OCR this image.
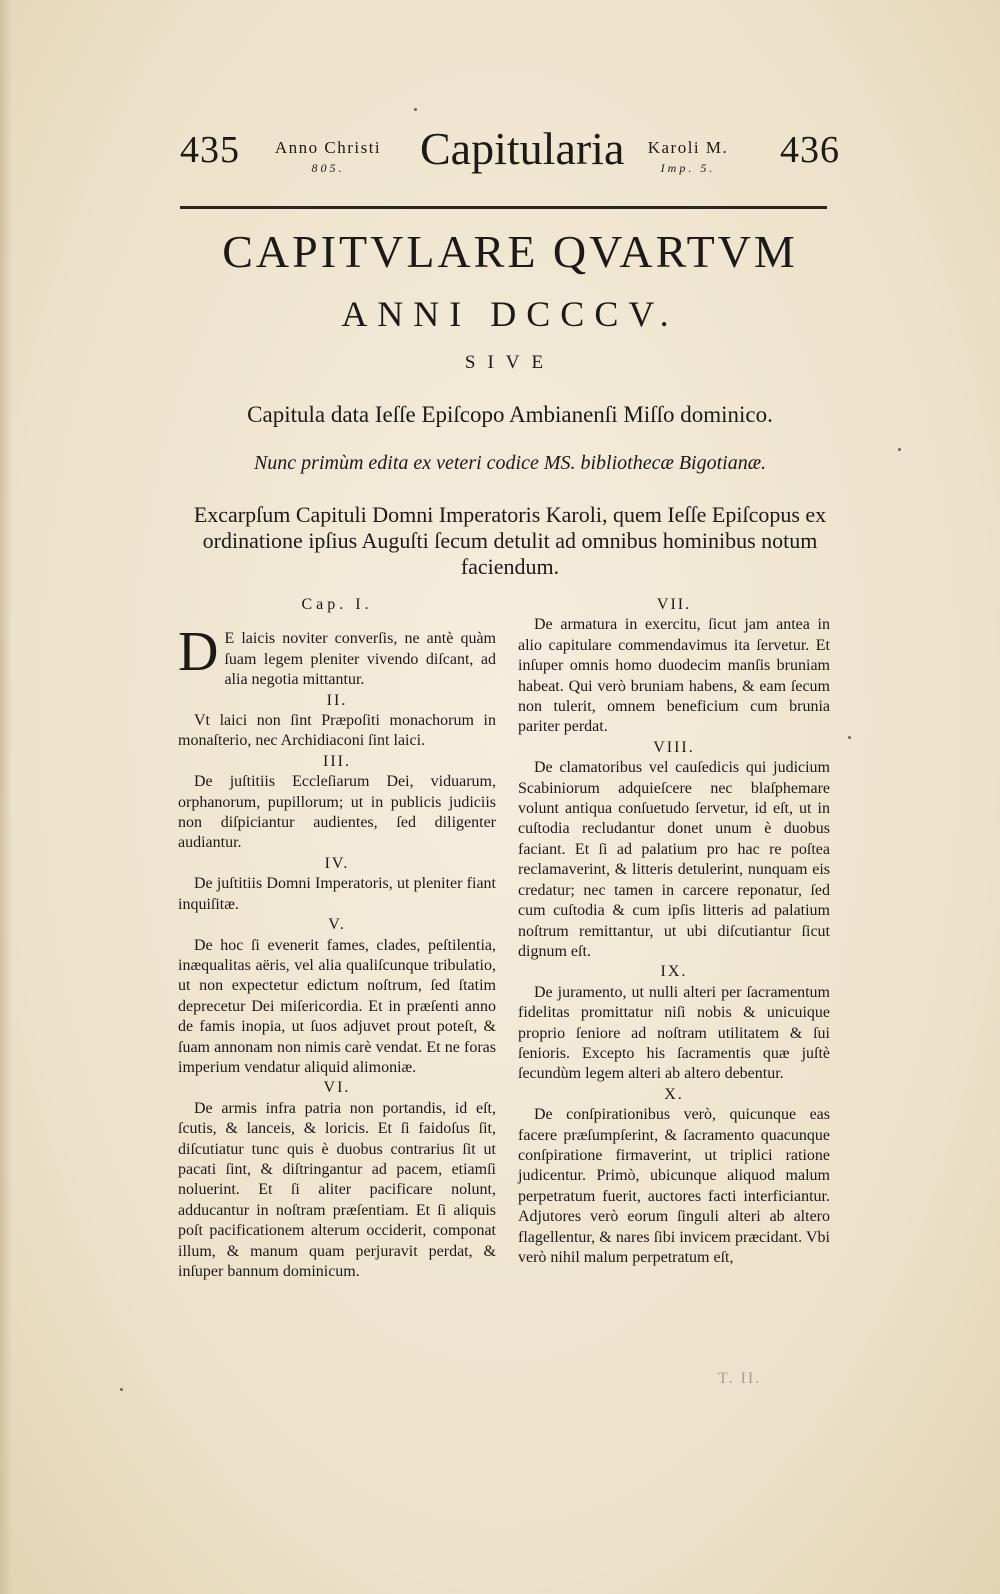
435	Anno Christi
805.	Capitularia	Karoli M.
Imp. 5.	436
CAPITVLARE QVARTVM
ANNI DCCCV.
SIVE
Capitula data Ieſſe Epiſcopo Ambianenſi Miſſo dominico.
Nunc primùm edita ex veteri codice MS. bibliothecæ Bigotianæ.
Excarpſum Capituli Domni Imperatoris Karoli, quem Ieſſe Epiſcopus ex ordinatione ipſius Auguſti ſecum detulit ad omnibus hominibus notum faciendum.

Cap. I.

D E laicis noviter converſis, ne antè quàm ſuam legem pleniter vivendo diſcant, ad alia negotia mittantur.

II.

Vt laici non ſint Præpoſiti monachorum in monaſterio, nec Archidiaconi ſint laici.

III.

De juſtitiis Eccleſiarum Dei, viduarum, orphanorum, pupillorum; ut in publicis judiciis non diſpiciantur audientes, ſed diligenter audiantur.

IV.

De juſtitiis Domni Imperatoris, ut pleniter fiant inquiſitæ.

V.

De hoc ſi evenerit fames, clades, peſtilentia, inæqualitas aëris, vel alia qualiſcunque tribulatio, ut non expectetur edictum noſtrum, ſed ſtatim deprecetur Dei miſericordia. Et in præſenti anno de famis inopia, ut ſuos adjuvet prout poteſt, & ſuam annonam non nimis carè vendat. Et ne foras imperium vendatur aliquid alimoniæ.

VI.

De armis infra patria non portandis, id eſt, ſcutis, & lanceis, & loricis. Et ſi faidoſus ſit, diſcutiatur tunc quis è duobus contrarius ſit ut pacati ſint, & diſtringantur ad pacem, etiamſi noluerint. Et ſi aliter pacificare nolunt, adducantur in noſtram præſentiam. Et ſi aliquis poſt pacificationem alterum occiderit, componat illum, & manum quam perjuravit perdat, & inſuper bannum dominicum.

VII.

De armatura in exercitu, ſicut jam antea in alio capitulare commendavimus ita ſervetur. Et inſuper omnis homo duodecim manſis bruniam habeat. Qui verò bruniam habens, & eam ſecum non tulerit, omnem beneficium cum brunia pariter perdat.

VIII.

De clamatoribus vel cauſedicis qui judicium Scabiniorum adquieſcere nec blaſphemare volunt antiqua conſuetudo ſervetur, id eſt, ut in cuſtodia recludantur donet unum è duobus faciant. Et ſi ad palatium pro hac re poſtea reclamaverint, & litteris detulerint, nunquam eis credatur; nec tamen in carcere reponatur, ſed cum cuſtodia & cum ipſis litteris ad palatium noſtrum remittantur, ut ubi diſcutiantur ſicut dignum eſt.

IX.

De juramento, ut nulli alteri per ſacramentum fidelitas promittatur niſi nobis & unicuique proprio ſeniore ad noſtram utilitatem & ſui ſenioris. Excepto his ſacramentis quæ juſtè ſecundùm legem alteri ab altero debentur.

X.

De conſpirationibus verò, quicunque eas facere præſumpſerint, & ſacramento quacunque conſpiratione firmaverint, ut triplici ratione judicentur. Primò, ubicunque aliquod malum perpetratum fuerit, auctores facti interficiantur. Adjutores verò eorum ſinguli alteri ab altero flagellentur, & nares ſibi invicem præcidant. Vbi verò nihil malum perpetratum eſt,

T. II.
